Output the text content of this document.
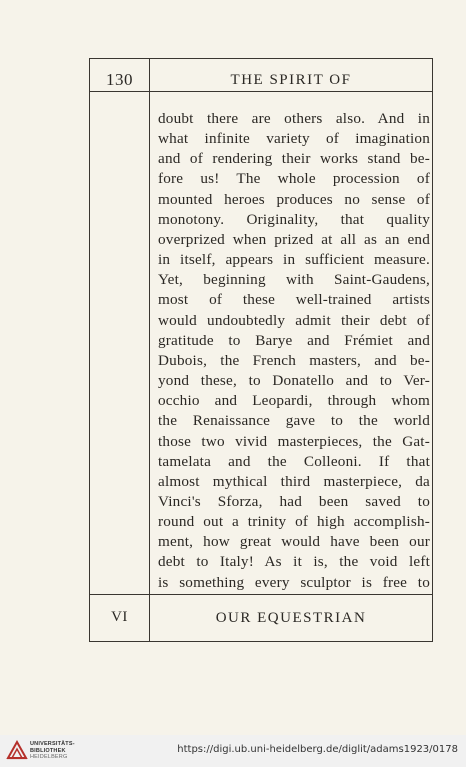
130	THE SPIRIT OF
doubt there are others also. And in
what infinite variety of imagination
and of rendering their works stand be-
fore us! The whole procession of
mounted heroes produces no sense of
monotony. Originality, that quality
overprized when prized at all as an end
in itself, appears in sufficient measure.
Yet, beginning with Saint-Gaudens,
most of these well-trained artists
would undoubtedly admit their debt of
gratitude to Barye and Frémiet and
Dubois, the French masters, and be-
yond these, to Donatello and to Ver-
occhio and Leopardi, through whom
the Renaissance gave to the world
those two vivid masterpieces, the Gat-
tamelata and the Colleoni. If that
almost mythical third masterpiece, da
Vinci's Sforza, had been saved to
round out a trinity of high accomplish-
ment, how great would have been our
debt to Italy! As it is, the void left
is something every sculptor is free to
VI	OUR EQUESTRIAN
UNIVERSITÄTS-
BIBLIOTHEK
HEIDELBERG
https://digi.ub.uni-heidelberg.de/diglit/adams1923/0178
